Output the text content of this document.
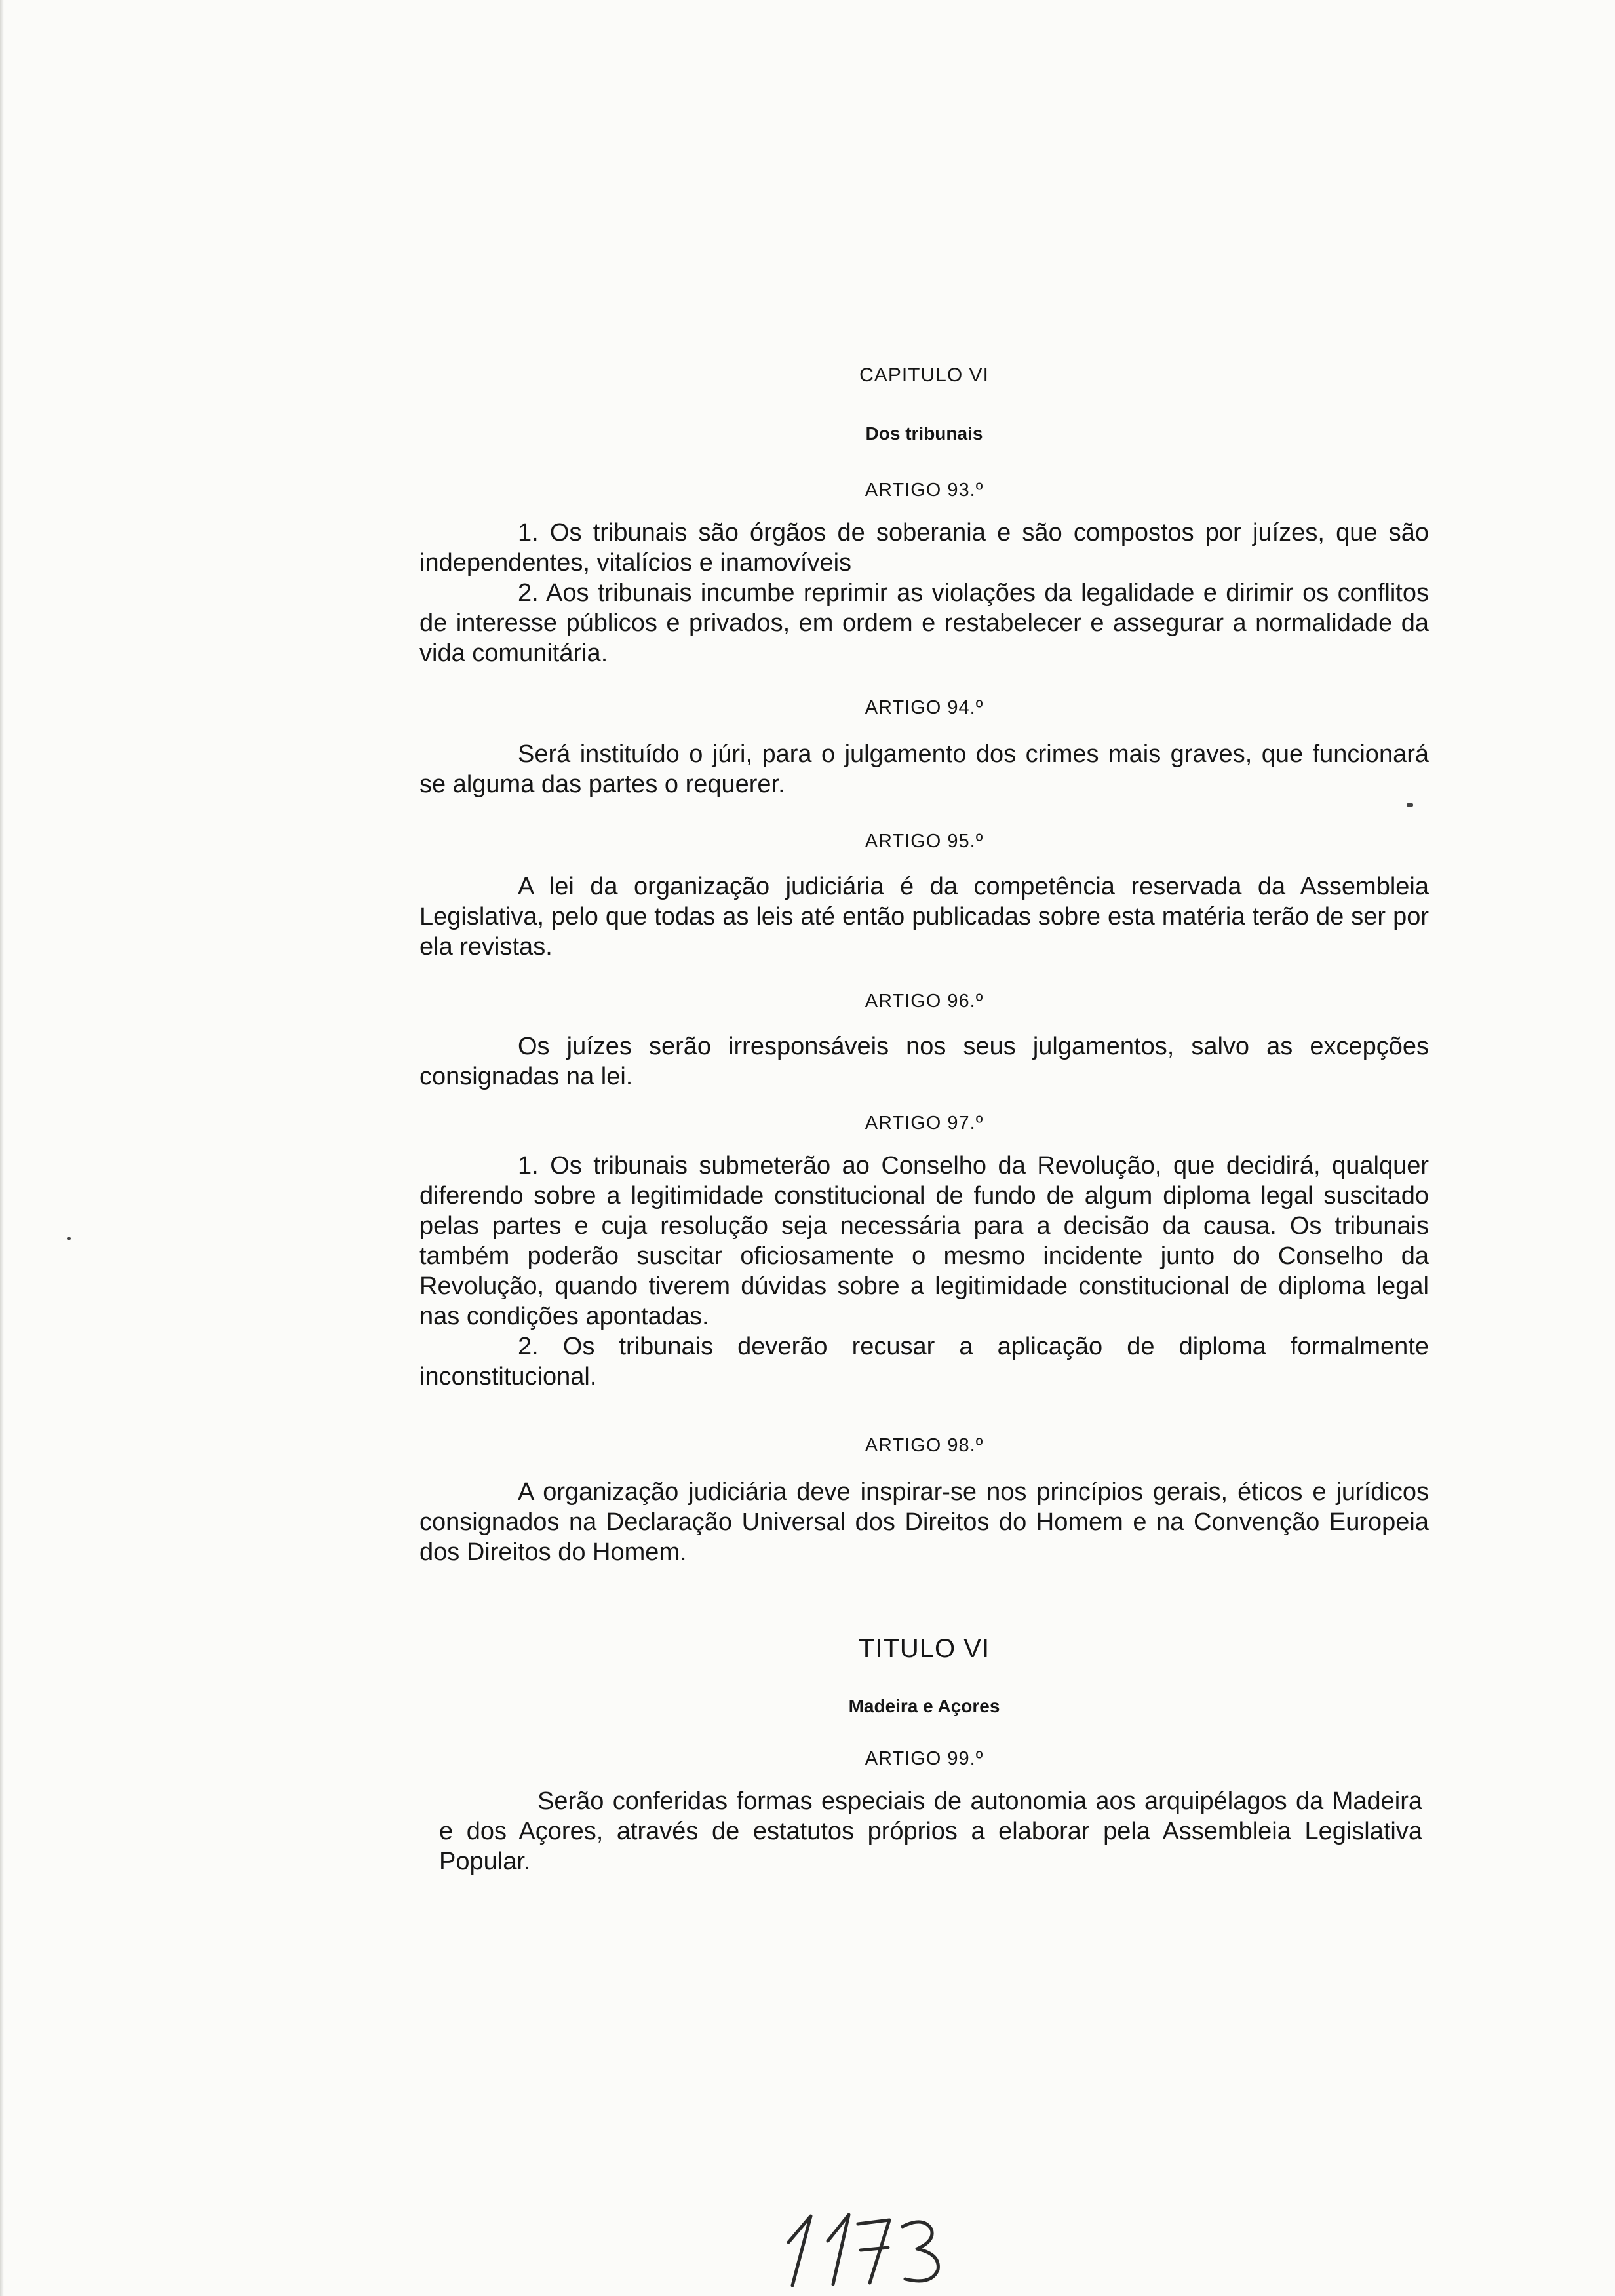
CAPITULO VI

Dos tribunais

ARTIGO 93.º

1. Os tribunais são órgãos de soberania e são compostos por juízes, que são independentes, vitalícios e inamovíveis

2. Aos tribunais incumbe reprimir as violações da legalidade e dirimir os conflitos de interesse públicos e privados, em ordem e restabelecer e assegurar a normalidade da vida comunitária.

ARTIGO 94.º

Será instituído o júri, para o julgamento dos crimes mais graves, que funcionará se alguma das partes o requerer.

ARTIGO 95.º

A lei da organização judiciária é da competência reservada da Assembleia Legislativa, pelo que todas as leis até então publicadas sobre esta matéria terão de ser por ela revistas.

ARTIGO 96.º

Os juízes serão irresponsáveis nos seus julgamentos, salvo as excepções consignadas na lei.

ARTIGO 97.º

1. Os tribunais submeterão ao Conselho da Revolução, que decidirá, qualquer diferendo sobre a legitimidade constitucional de fundo de algum diploma legal suscitado pelas partes e cuja resolução seja necessária para a decisão da causa. Os tribunais também poderão suscitar oficiosamente o mesmo incidente junto do Conselho da Revolução, quando tiverem dúvidas sobre a legitimidade constitucional de diploma legal nas condições apontadas.

2. Os tribunais deverão recusar a aplicação de diploma formalmente inconstitucional.

ARTIGO 98.º

A organização judiciária deve inspirar-se nos princípios gerais, éticos e jurídicos consignados na Declaração Universal dos Direitos do Homem e na Convenção Europeia dos Direitos do Homem.

TITULO VI

Madeira e Açores

ARTIGO 99.º

Serão conferidas formas especiais de autonomia aos arquipélagos da Madeira e dos Açores, através de estatutos próprios a elaborar pela Assembleia Legislativa Popular.
